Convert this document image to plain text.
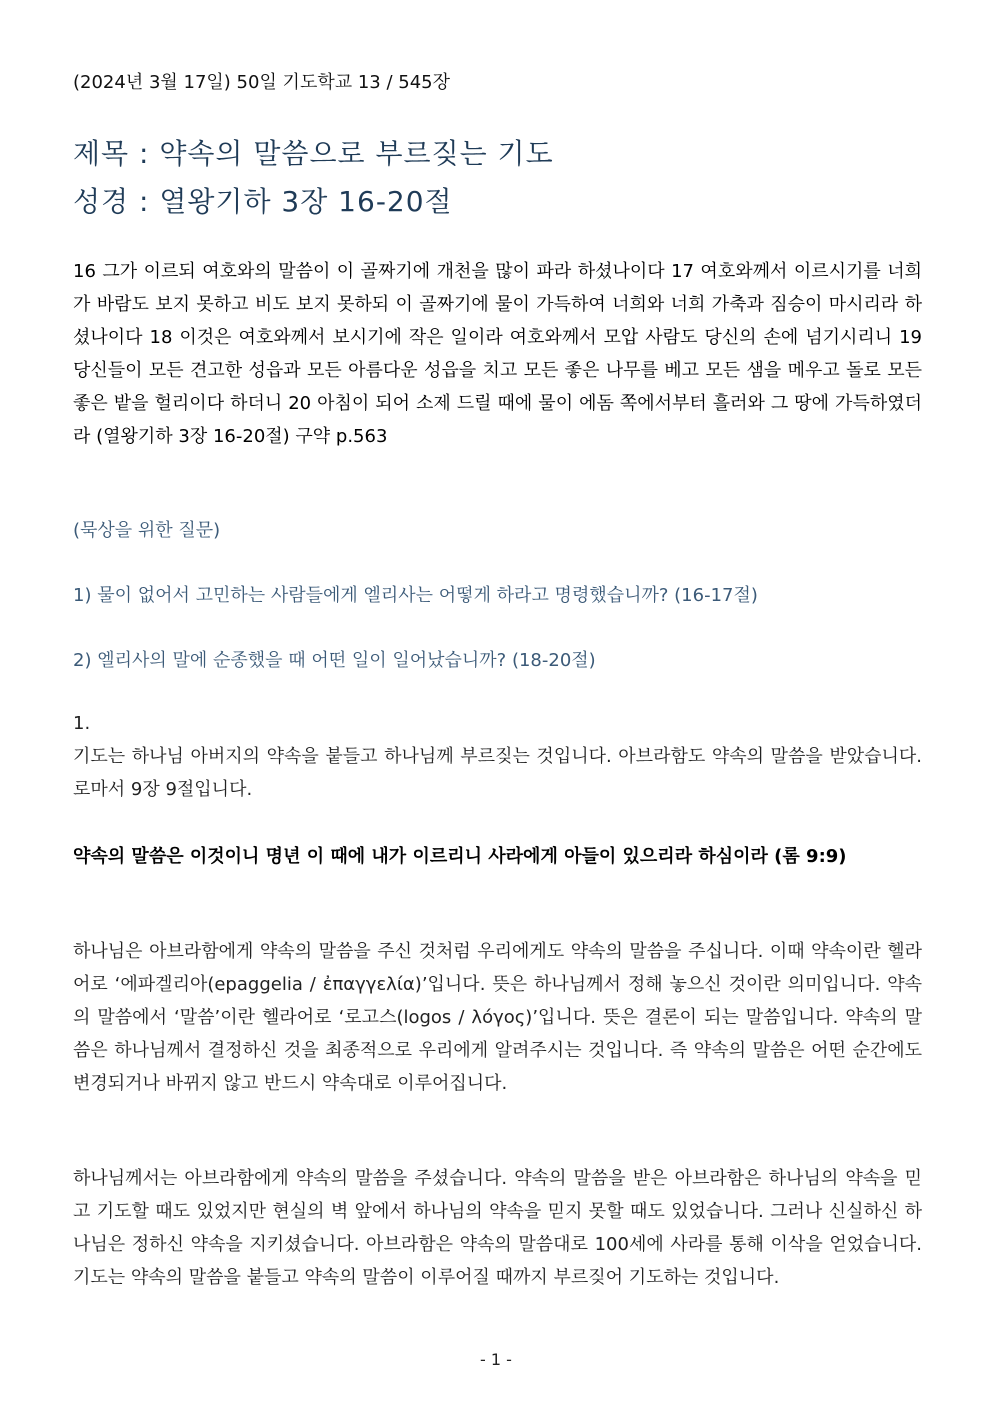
(2024년 3월 17일) 50일 기도학교 13 / 545장
제목 : 약속의 말씀으로 부르짖는 기도
성경 : 열왕기하 3장 16-20절
16 그가 이르되 여호와의 말씀이 이 골짜기에 개천을 많이 파라 하셨나이다 17 여호와께서 이르시기를 너희가 바람도 보지 못하고 비도 보지 못하되 이 골짜기에 물이 가득하여 너희와 너희 가축과 짐승이 마시리라 하셨나이다 18 이것은 여호와께서 보시기에 작은 일이라 여호와께서 모압 사람도 당신의 손에 넘기시리니 19 당신들이 모든 견고한 성읍과 모든 아름다운 성읍을 치고 모든 좋은 나무를 베고 모든 샘을 메우고 돌로 모든 좋은 밭을 헐리이다 하더니 20 아침이 되어 소제 드릴 때에 물이 에돔 쪽에서부터 흘러와 그 땅에 가득하였더라 (열왕기하 3장 16-20절) 구약 p.563
(묵상을 위한 질문)
1) 물이 없어서 고민하는 사람들에게 엘리사는 어떻게 하라고 명령했습니까? (16-17절)
2) 엘리사의 말에 순종했을 때 어떤 일이 일어났습니까? (18-20절)
1.
기도는 하나님 아버지의 약속을 붙들고 하나님께 부르짖는 것입니다. 아브라함도 약속의 말씀을 받았습니다. 로마서 9장 9절입니다.
약속의 말씀은 이것이니 명년 이 때에 내가 이르리니 사라에게 아들이 있으리라 하심이라 (롬 9:9)
하나님은 아브라함에게 약속의 말씀을 주신 것처럼 우리에게도 약속의 말씀을 주십니다. 이때 약속이란 헬라어로 ‘에파겔리아(epaggelia / ἐπαγγελία)’입니다. 뜻은 하나님께서 정해 놓으신 것이란 의미입니다. 약속의 말씀에서 ‘말씀’이란 헬라어로 ‘로고스(logos / λόγος)’입니다. 뜻은 결론이 되는 말씀입니다. 약속의 말씀은 하나님께서 결정하신 것을 최종적으로 우리에게 알려주시는 것입니다. 즉 약속의 말씀은 어떤 순간에도 변경되거나 바뀌지 않고 반드시 약속대로 이루어집니다.
하나님께서는 아브라함에게 약속의 말씀을 주셨습니다. 약속의 말씀을 받은 아브라함은 하나님의 약속을 믿고 기도할 때도 있었지만 현실의 벽 앞에서 하나님의 약속을 믿지 못할 때도 있었습니다. 그러나 신실하신 하나님은 정하신 약속을 지키셨습니다. 아브라함은 약속의 말씀대로 100세에 사라를 통해 이삭을 얻었습니다. 기도는 약속의 말씀을 붙들고 약속의 말씀이 이루어질 때까지 부르짖어 기도하는 것입니다.
- 1 -
